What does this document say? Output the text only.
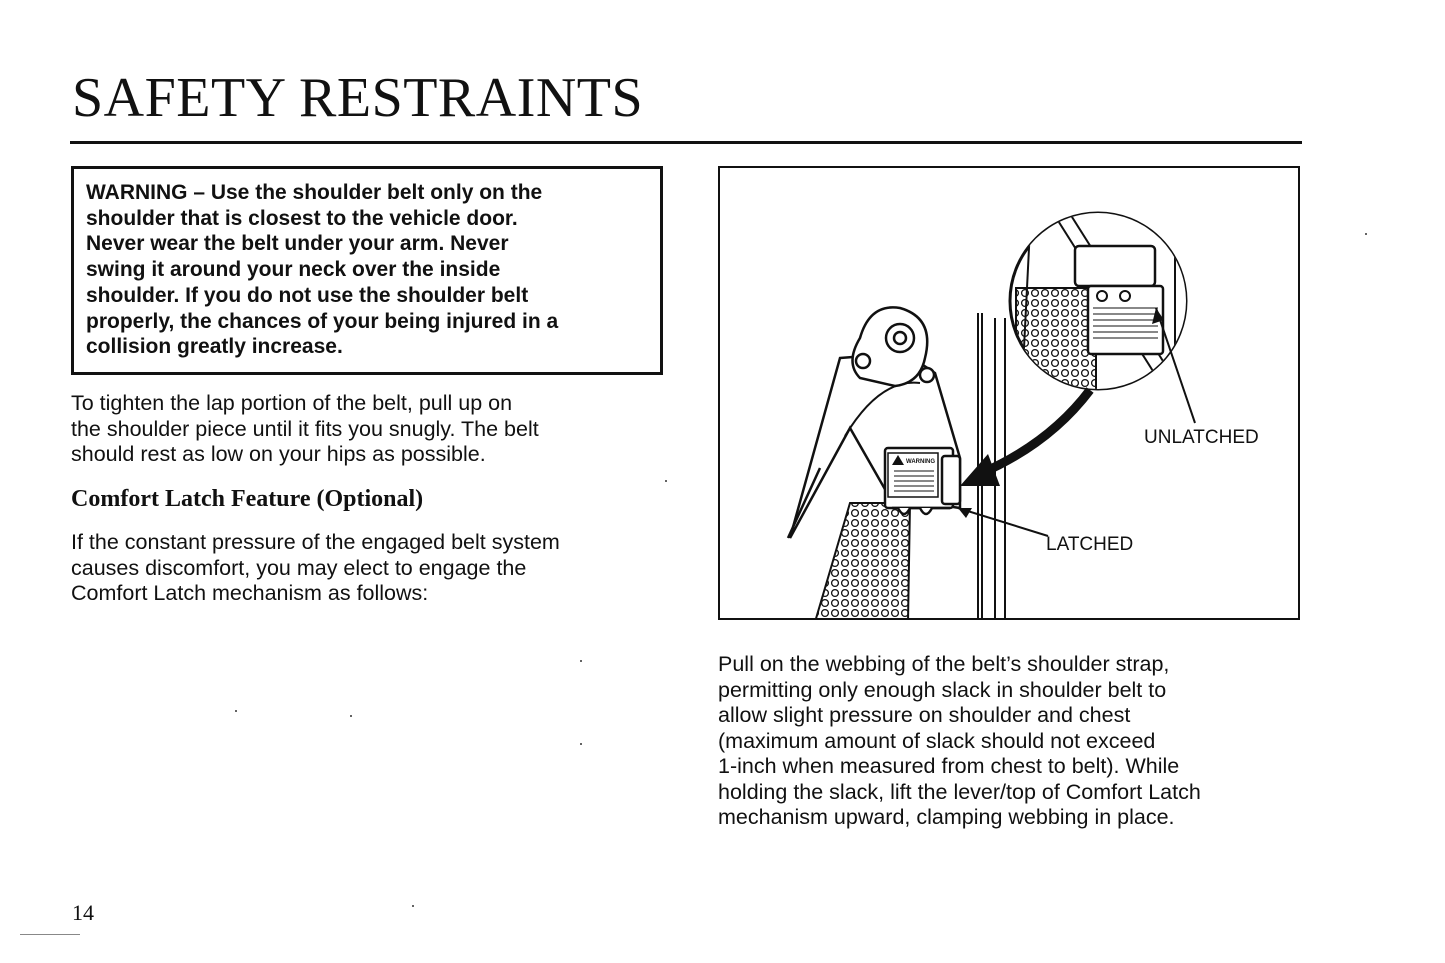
SAFETY RESTRAINTS
WARNING – Use the shoulder belt only on the
shoulder that is closest to the vehicle door.
Never wear the belt under your arm. Never
swing it around your neck over the inside
shoulder. If you do not use the shoulder belt
properly, the chances of your being injured in a
collision greatly increase.
To tighten the lap portion of the belt, pull up on
the shoulder piece until it fits you snugly. The belt
should rest as low on your hips as possible.
Comfort Latch Feature (Optional)
If the constant pressure of the engaged belt system
causes discomfort, you may elect to engage the
Comfort Latch mechanism as follows:
WARNING
UNLATCHED
LATCHED
Pull on the webbing of the belt’s shoulder strap,
permitting only enough slack in shoulder belt to
allow slight pressure on shoulder and chest
(maximum amount of slack should not exceed
1-inch when measured from chest to belt). While
holding the slack, lift the lever/top of Comfort Latch
mechanism upward, clamping webbing in place.

14
